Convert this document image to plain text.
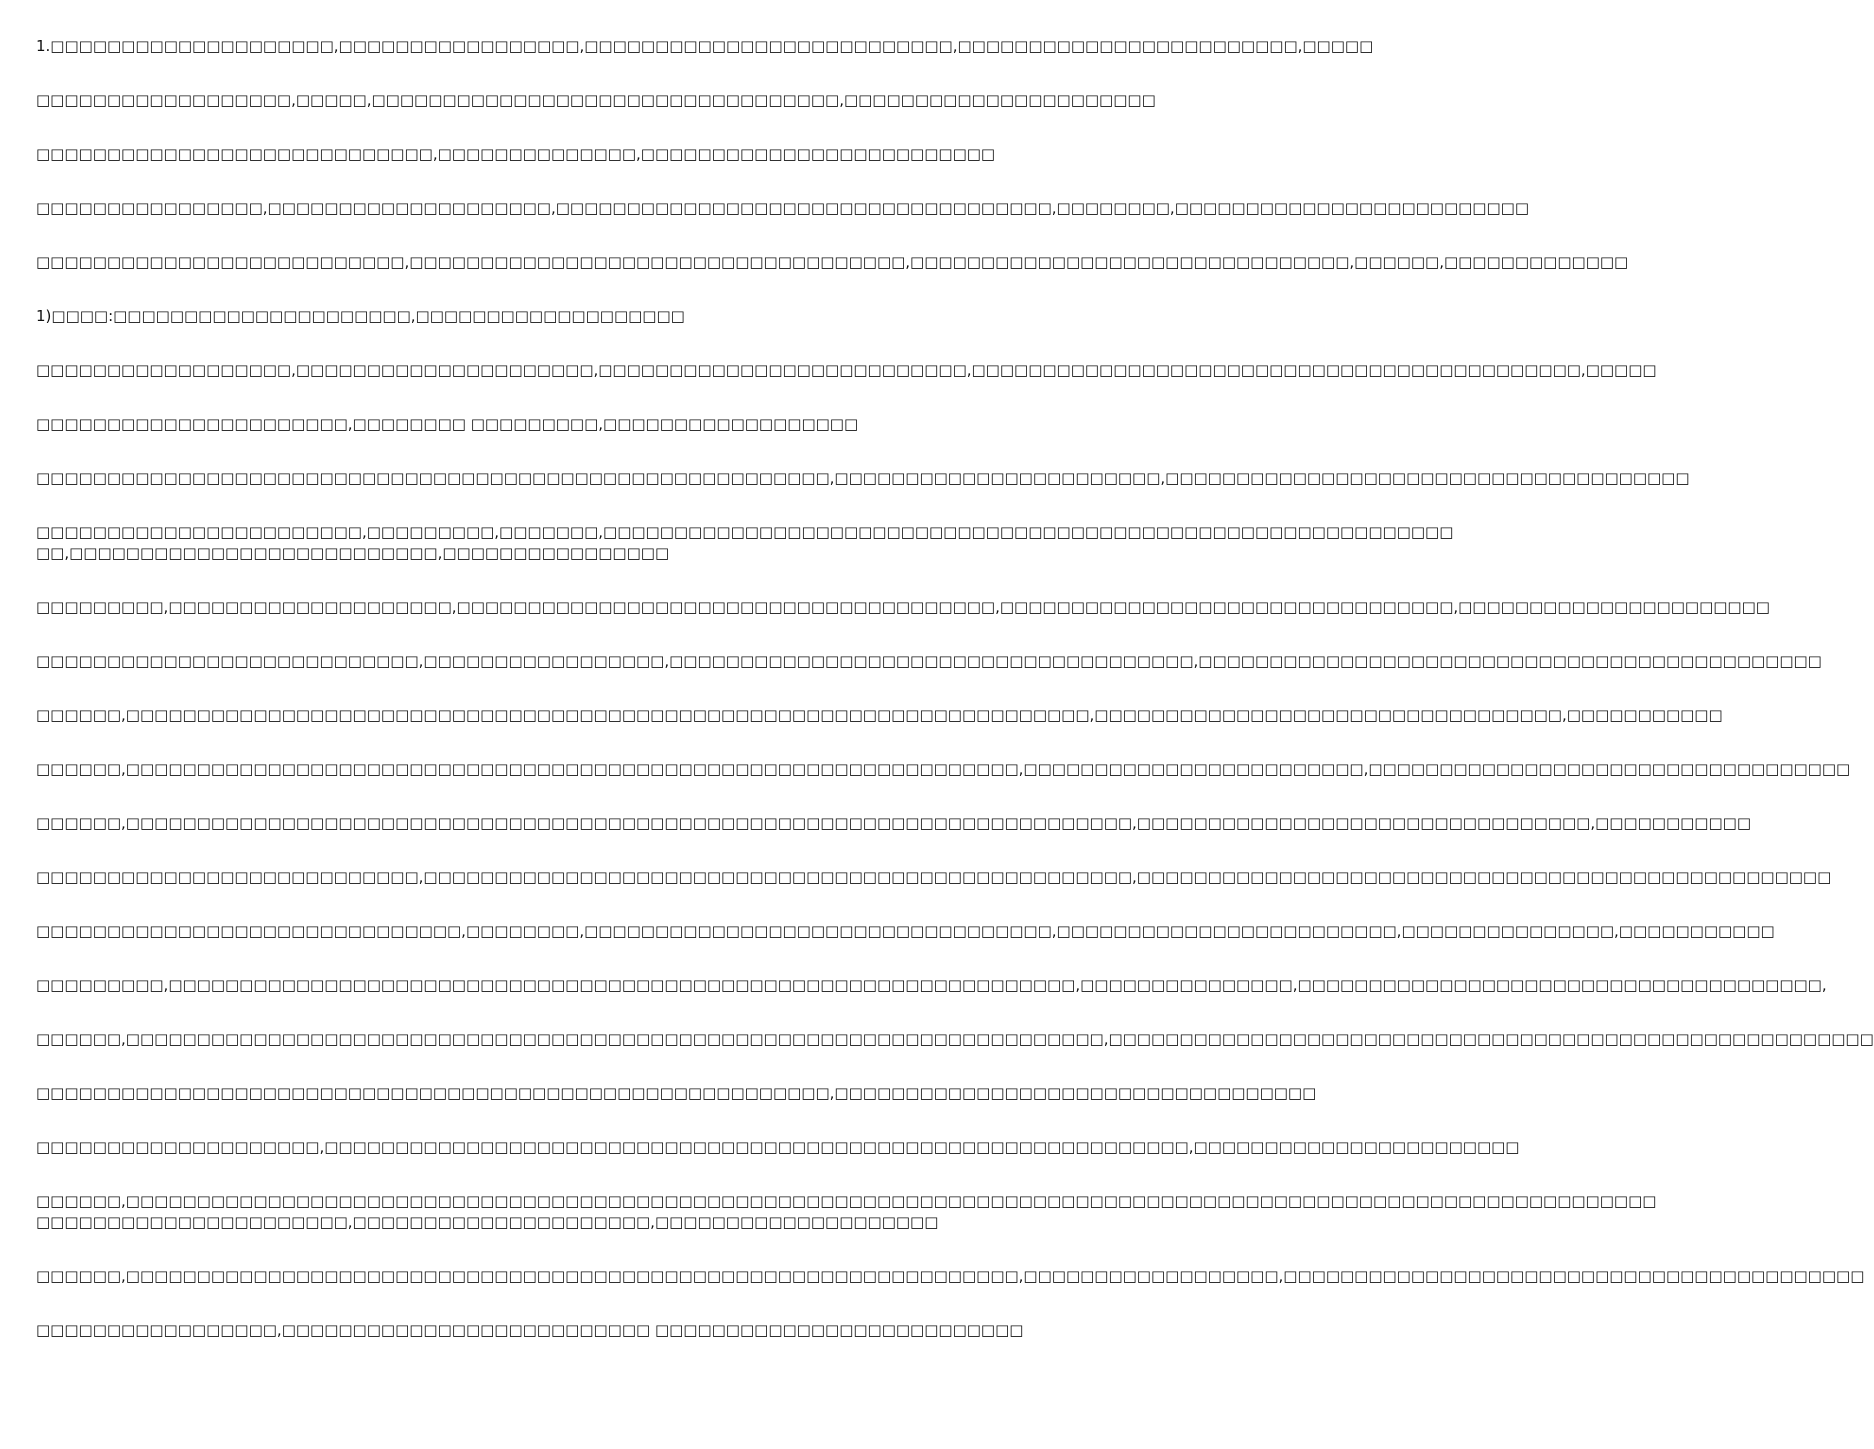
1.□□□□□□□□□□□□□□□□□□□□,□□□□□□□□□□□□□□□□□,□□□□□□□□□□□□□□□□□□□□□□□□□□,□□□□□□□□□□□□□□□□□□□□□□□□,□□□□□
□□□□□□□□□□□□□□□□□□,□□□□□,□□□□□□□□□□□□□□□□□□□□□□□□□□□□□□□□□,□□□□□□□□□□□□□□□□□□□□□□
□□□□□□□□□□□□□□□□□□□□□□□□□□□□,□□□□□□□□□□□□□□,□□□□□□□□□□□□□□□□□□□□□□□□□
□□□□□□□□□□□□□□□□,□□□□□□□□□□□□□□□□□□□□,□□□□□□□□□□□□□□□□□□□□□□□□□□□□□□□□□□□,□□□□□□□□,□□□□□□□□□□□□□□□□□□□□□□□□□
□□□□□□□□□□□□□□□□□□□□□□□□□□,□□□□□□□□□□□□□□□□□□□□□□□□□□□□□□□□□□□,□□□□□□□□□□□□□□□□□□□□□□□□□□□□□□□,□□□□□□,□□□□□□□□□□□□□
1)□□□□:□□□□□□□□□□□□□□□□□□□□□,□□□□□□□□□□□□□□□□□□□
□□□□□□□□□□□□□□□□□□,□□□□□□□□□□□□□□□□□□□□□,□□□□□□□□□□□□□□□□□□□□□□□□□□,□□□□□□□□□□□□□□□□□□□□□□□□□□□□□□□□□□□□□□□□□□□,□□□□□
□□□□□□□□□□□□□□□□□□□□□□,□□□□□□□□ □□□□□□□□□,□□□□□□□□□□□□□□□□□□
□□□□□□□□□□□□□□□□□□□□□□□□□□□□□□□□□□□□□□□□□□□□□□□□□□□□□□□□,□□□□□□□□□□□□□□□□□□□□□□□,□□□□□□□□□□□□□□□□□□□□□□□□□□□□□□□□□□□□□
□□□□□□□□□□□□□□□□□□□□□□□,□□□□□□□□□,□□□□□□□,□□□□□□□□□□□□□□□□□□□□□□□□□□□□□□□□□□□□□□□□□□□□□□□□□□□□□□□□□□□□
□□,□□□□□□□□□□□□□□□□□□□□□□□□□□,□□□□□□□□□□□□□□□□
□□□□□□□□□,□□□□□□□□□□□□□□□□□□□□,□□□□□□□□□□□□□□□□□□□□□□□□□□□□□□□□□□□□□□,□□□□□□□□□□□□□□□□□□□□□□□□□□□□□□□□,□□□□□□□□□□□□□□□□□□□□□□
□□□□□□□□□□□□□□□□□□□□□□□□□□□,□□□□□□□□□□□□□□□□□,□□□□□□□□□□□□□□□□□□□□□□□□□□□□□□□□□□□□□,□□□□□□□□□□□□□□□□□□□□□□□□□□□□□□□□□□□□□□□□□□□□
□□□□□□,□□□□□□□□□□□□□□□□□□□□□□□□□□□□□□□□□□□□□□□□□□□□□□□□□□□□□□□□□□□□□□□□□□□□,□□□□□□□□□□□□□□□□□□□□□□□□□□□□□□□□□,□□□□□□□□□□□
□□□□□□,□□□□□□□□□□□□□□□□□□□□□□□□□□□□□□□□□□□□□□□□□□□□□□□□□□□□□□□□□□□□□□□,□□□□□□□□□□□□□□□□□□□□□□□□,□□□□□□□□□□□□□□□□□□□□□□□□□□□□□□□□□□
□□□□□□,□□□□□□□□□□□□□□□□□□□□□□□□□□□□□□□□□□□□□□□□□□□□□□□□□□□□□□□□□□□□□□□□□□□□□□□,□□□□□□□□□□□□□□□□□□□□□□□□□□□□□□□□,□□□□□□□□□□□
□□□□□□□□□□□□□□□□□□□□□□□□□□□,□□□□□□□□□□□□□□□□□□□□□□□□□□□□□□□□□□□□□□□□□□□□□□□□□□,□□□□□□□□□□□□□□□□□□□□□□□□□□□□□□□□□□□□□□□□□□□□□□□□□
□□□□□□□□□□□□□□□□□□□□□□□□□□□□□□,□□□□□□□□,□□□□□□□□□□□□□□□□□□□□□□□□□□□□□□□□□,□□□□□□□□□□□□□□□□□□□□□□□□,□□□□□□□□□□□□□□□,□□□□□□□□□□□
□□□□□□□□□,□□□□□□□□□□□□□□□□□□□□□□□□□□□□□□□□□□□□□□□□□□□□□□□□□□□□□□□□□□□□□□□□,□□□□□□□□□□□□□□□,□□□□□□□□□□□□□□□□□□□□□□□□□□□□□□□□□□□□□,
□□□□□□,□□□□□□□□□□□□□□□□□□□□□□□□□□□□□□□□□□□□□□□□□□□□□□□□□□□□□□□□□□□□□□□□□□□□□,□□□□□□□□□□□□□□□□□□□□□□□□□□□□□□□□□□□□□□□□□□□□□□□□□□□□□□
□□□□□□□□□□□□□□□□□□□□□□□□□□□□□□□□□□□□□□□□□□□□□□□□□□□□□□□□,□□□□□□□□□□□□□□□□□□□□□□□□□□□□□□□□□□
□□□□□□□□□□□□□□□□□□□□,□□□□□□□□□□□□□□□□□□□□□□□□□□□□□□□□□□□□□□□□□□□□□□□□□□□□□□□□□□□□□,□□□□□□□□□□□□□□□□□□□□□□□
□□□□□□,□□□□□□□□□□□□□□□□□□□□□□□□□□□□□□□□□□□□□□□□□□□□□□□□□□□□□□□□□□□□□□□□□□□□□□□□□□□□□□□□□□□□□□□□□□□□□□□□□□□□□□□□□□□□
□□□□□□□□□□□□□□□□□□□□□□,□□□□□□□□□□□□□□□□□□□□□,□□□□□□□□□□□□□□□□□□□□
□□□□□□,□□□□□□□□□□□□□□□□□□□□□□□□□□□□□□□□□□□□□□□□□□□□□□□□□□□□□□□□□□□□□□□,□□□□□□□□□□□□□□□□□□,□□□□□□□□□□□□□□□□□□□□□□□□□□□□□□□□□□□□□□□□□
□□□□□□□□□□□□□□□□□,□□□□□□□□□□□□□□□□□□□□□□□□□□ □□□□□□□□□□□□□□□□□□□□□□□□□□
